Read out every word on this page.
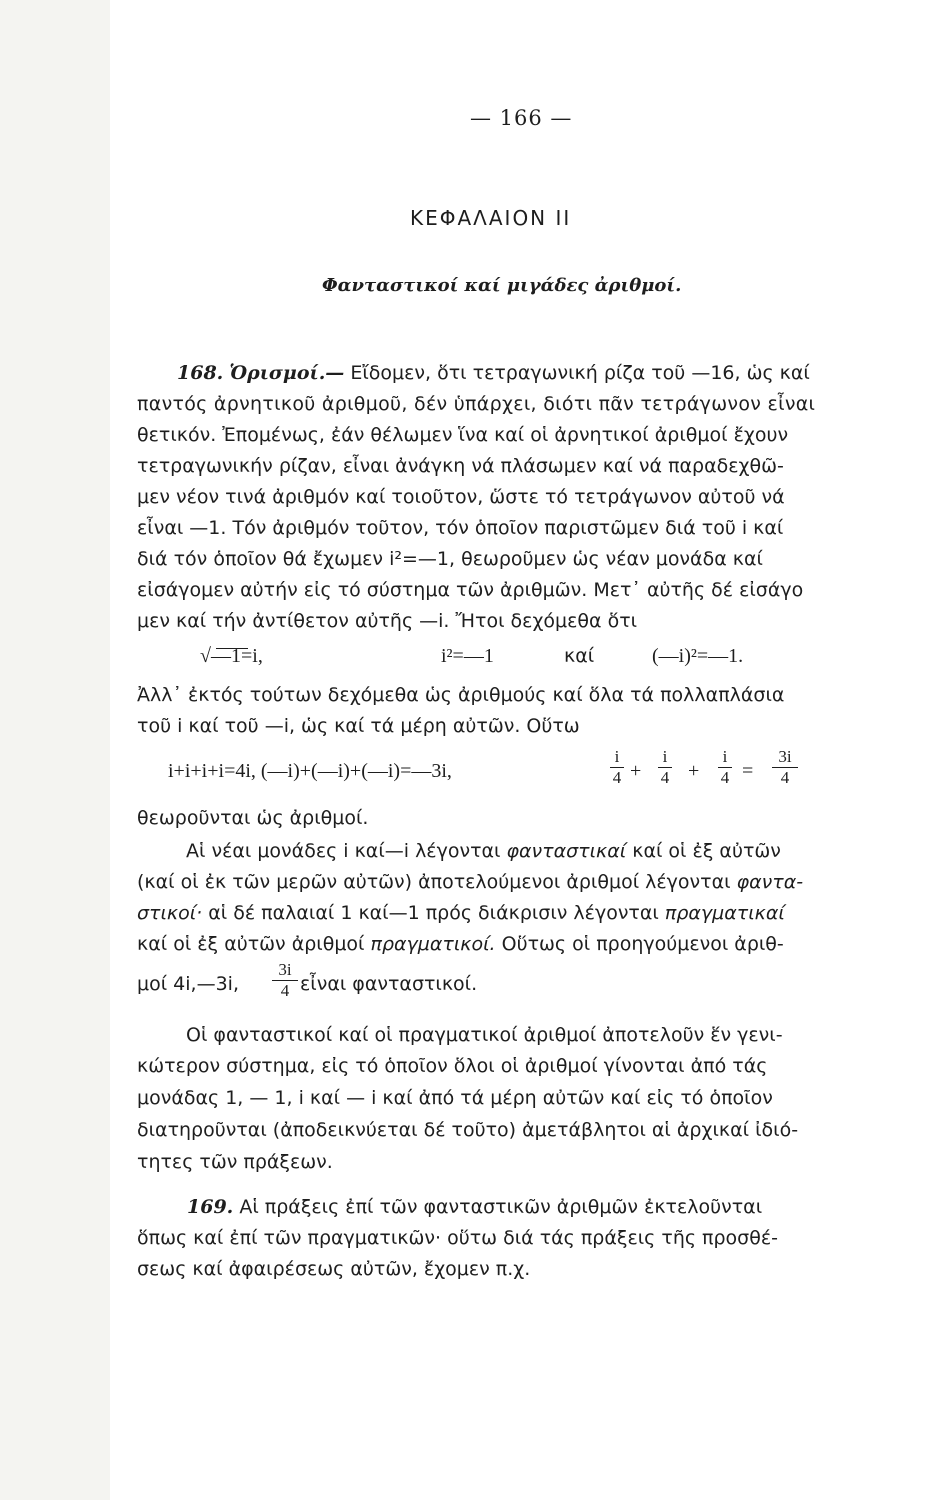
— 166 —
ΚΕΦΑΛΑΙΟΝ II
Φανταστικοί καί μιγάδες ἀριθμοί.
168. Ὁρισμοί.— Εἴδομεν, ὅτι τετραγωνική ρίζα τοῦ —16, ὡς καί
παντός ἀρνητικοῦ ἀριθμοῦ, δέν ὑπάρχει, διότι πᾶν τετράγωνον εἶναι
θετικόν. Ἐπομένως, ἐάν θέλωμεν ἵνα καί οἱ ἀρνητικοί ἀριθμοί ἔχουν
τετραγωνικήν ρίζαν, εἶναι ἀνάγκη νά πλάσωμεν καί νά παραδεχθῶ-
μεν νέον τινά ἀριθμόν καί τοιοῦτον, ὥστε τό τετράγωνον αὐτοῦ νά
εἶναι —1. Τόν ἀριθμόν τοῦτον, τόν ὁποῖον παριστῶμεν διά τοῦ i καί
διά τόν ὁποῖον θά ἔχωμεν i²=—1, θεωροῦμεν ὡς νέαν μονάδα καί
εἰσάγομεν αὐτήν εἰς τό σύστημα τῶν ἀριθμῶν. Μετ᾽ αὐτῆς δέ εἰσάγο
μεν καί τήν ἀντίθετον αὐτῆς —i. Ἤτοι δεχόμεθα ὅτι
√—1=i,	i²=—1	καί	(—i)²=—1.
Ἀλλ᾽ ἐκτός τούτων δεχόμεθα ὡς ἀριθμούς καί ὅλα τά πολλαπλάσια
τοῦ i καί τοῦ —i, ὡς καί τά μέρη αὐτῶν. Οὕτω
i+i+i+i=4i, (—i)+(—i)+(—i)=—3i,
i
4 +
i
4 +
i
4 =
3i
4
θεωροῦνται ὡς ἀριθμοί.
Αἱ νέαι μονάδες i καί—i λέγονται φανταστικαί καί οἱ ἐξ αὐτῶν
(καί οἱ ἐκ τῶν μερῶν αὐτῶν) ἀποτελούμενοι ἀριθμοί λέγονται φαντα-
στικοί· αἱ δέ παλαιαί 1 καί—1 πρός διάκρισιν λέγονται πραγματικαί
καί οἱ ἐξ αὐτῶν ἀριθμοί πραγματικοί. Οὕτως οἱ προηγούμενοι ἀριθ-
μοί 4i,—3i,
3i
4 εἶναι φανταστικοί.
Οἱ φανταστικοί καί οἱ πραγματικοί ἀριθμοί ἀποτελοῦν ἕν γενι-
κώτερον σύστημα, εἰς τό ὁποῖον ὅλοι οἱ ἀριθμοί γίνονται ἀπό τάς
μονάδας 1, — 1, i καί — i καί ἀπό τά μέρη αὐτῶν καί εἰς τό ὁποῖον
διατηροῦνται (ἀποδεικνύεται δέ τοῦτο) ἀμετάβλητοι αἱ ἀρχικαί ἰδιό-
τητες τῶν πράξεων.
169. Αἱ πράξεις ἐπί τῶν φανταστικῶν ἀριθμῶν ἐκτελοῦνται
ὅπως καί ἐπί τῶν πραγματικῶν· οὕτω διά τάς πράξεις τῆς προσθέ-
σεως καί ἀφαιρέσεως αὐτῶν, ἔχομεν π.χ.
